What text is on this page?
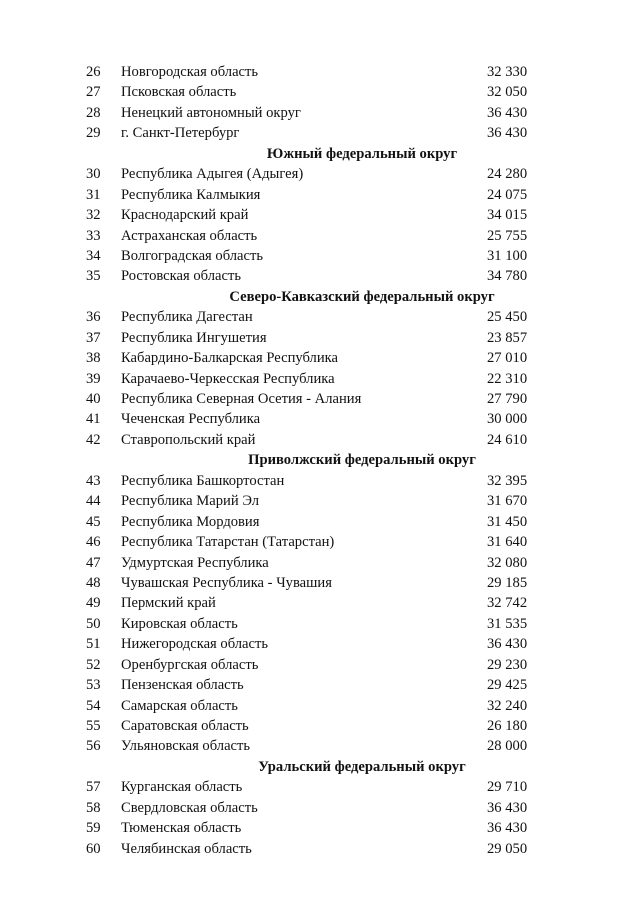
26 Новгородская область	32 330
27 Псковская область	32 050
28 Ненецкий автономный округ	36 430
29 г. Санкт-Петербург	36 430
Южный федеральный округ
30 Республика Адыгея (Адыгея)	24 280
31 Республика Калмыкия	24 075
32 Краснодарский край	34 015
33 Астраханская область	25 755
34 Волгоградская область	31 100
35 Ростовская область	34 780
Северо-Кавказский федеральный округ
36 Республика Дагестан	25 450
37 Республика Ингушетия	23 857
38 Кабардино-Балкарская Республика	27 010
39 Карачаево-Черкесская Республика	22 310
40 Республика Северная Осетия - Алания	27 790
41 Чеченская Республика	30 000
42 Ставропольский край	24 610
Приволжский федеральный округ
43 Республика Башкортостан	32 395
44 Республика Марий Эл	31 670
45 Республика Мордовия	31 450
46 Республика Татарстан (Татарстан)	31 640
47 Удмуртская Республика	32 080
48 Чувашская Республика - Чувашия	29 185
49 Пермский край	32 742
50 Кировская область	31 535
51 Нижегородская область	36 430
52 Оренбургская область	29 230
53 Пензенская область	29 425
54 Самарская область	32 240
55 Саратовская область	26 180
56 Ульяновская область	28 000
Уральский федеральный округ
57 Курганская область	29 710
58 Свердловская область	36 430
59 Тюменская область	36 430
60 Челябинская область	29 050
